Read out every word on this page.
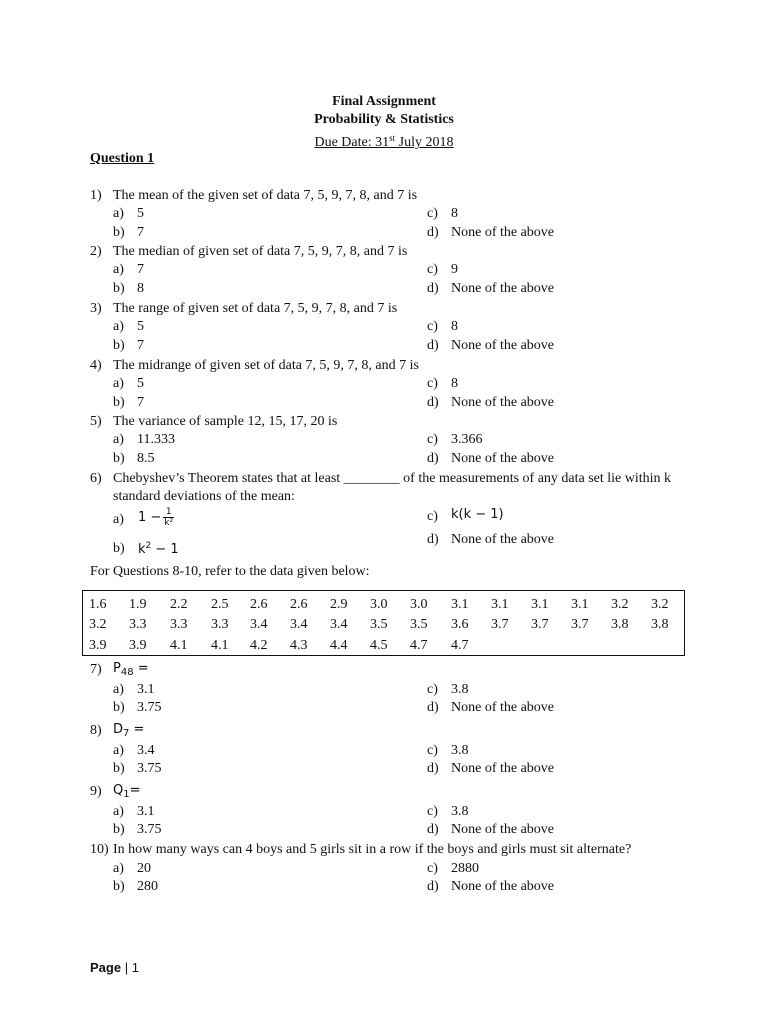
Final Assignment
Probability & Statistics
Due Date: 31st July 2018
Question 1
1) The mean of the given set of data 7, 5, 9, 7, 8, and 7 is
a) 5
b) 7
c) 8
d) None of the above
2) The median of given set of data 7, 5, 9, 7, 8, and 7 is
a) 7
b) 8
c) 9
d) None of the above
3) The range of given set of data 7, 5, 9, 7, 8, and 7 is
a) 5
b) 7
c) 8
d) None of the above
4) The midrange of given set of data 7, 5, 9, 7, 8, and 7 is
a) 5
b) 7
c) 8
d) None of the above
5) The variance of sample 12, 15, 17, 20 is
a) 11.333
b) 8.5
c) 3.366
d) None of the above
6) Chebyshev’s Theorem states that at least ________ of the measurements of any data set lie within k
standard deviations of the mean:
a) $1 - \frac{1}{\text{k²}}$
b) $k^2 - 1$
c) k(k − 1)
d) None of the above
For Questions 8-10, refer to the data given below:
1.6	1.9	2.2	2.5	2.6	2.6	2.9	3.0	3.0	3.1	3.1	3.1	3.1	3.2	3.2
3.2	3.3	3.3	3.3	3.4	3.4	3.4	3.5	3.5	3.6	3.7	3.7	3.7	3.8	3.8
3.9	3.9	4.1	4.1	4.2	4.3	4.4	4.5	4.7	4.7
7) $P_{48}$ =
a) 3.1
b) 3.75
c) 3.8
d) None of the above
8) $D_7$ =
a) 3.4
b) 3.75
c) 3.8
d) None of the above
9) $Q_1=$
a) 3.1
b) 3.75
c) 3.8
d) None of the above
10) In how many ways can 4 boys and 5 girls sit in a row if the boys and girls must sit alternate?
a) 20
b) 280
c) 2880
d) None of the above
Page | 1
